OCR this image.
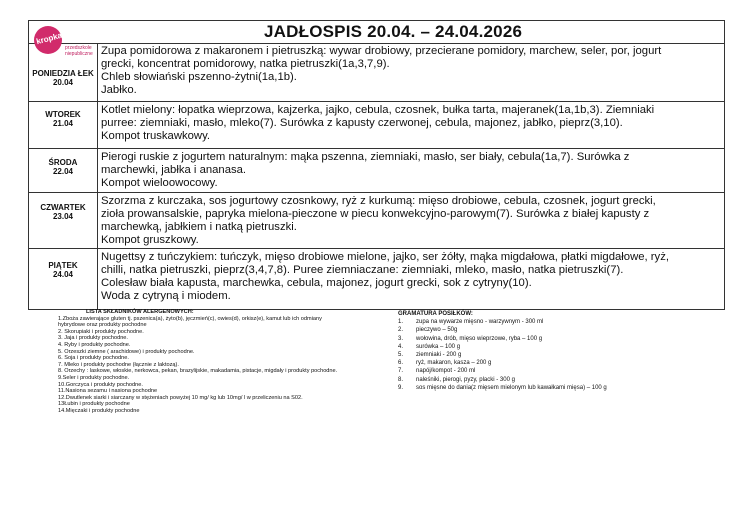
JADŁOSPIS 20.04. – 24.04.2026
kropka
przedszkole niepubliczne
PONIEDZIA ŁEK
20.04
Zupa pomidorowa z makaronem i pietruszką: wywar drobiowy, przecierane pomidory, marchew, seler, por, jogurt
grecki, koncentrat pomidorowy, natka pietruszki(1a,3,7,9).
Chleb słowiański pszenno-żytni(1a,1b).
Jabłko.
WTOREK
21.04
Kotlet mielony: łopatka wieprzowa, kajzerka, jajko, cebula, czosnek, bułka tarta, majeranek(1a,1b,3). Ziemniaki
purree: ziemniaki, masło, mleko(7). Surówka z kapusty czerwonej, cebula, majonez, jabłko, pieprz(3,10).
Kompot truskawkowy.
ŚRODA
22.04
Pierogi ruskie z jogurtem naturalnym: mąka pszenna, ziemniaki, masło, ser biały, cebula(1a,7). Surówka z
marchewki, jabłka i ananasa.
Kompot wieloowocowy.
CZWARTEK
23.04
Szorzma z kurczaka, sos jogurtowy czosnkowy, ryż z kurkumą: mięso drobiowe, cebula, czosnek, jogurt grecki,
zioła prowansalskie, papryka mielona-pieczone w piecu konwekcyjno-parowym(7). Surówka z białej kapusty z
marchewką, jabłkiem i natką pietruszki.
Kompot gruszkowy.
PIĄTEK
24.04
Nugettsy z tuńczykiem: tuńczyk, mięso drobiowe mielone, jajko, ser żółty, mąka migdałowa, płatki migdałowe, ryż,
chilli, natka pietruszki, pieprz(3,4,7,8). Puree ziemniaczane: ziemniaki, mleko, masło, natka pietruszki(7).
Colesław biała kapusta, marchewka, cebula, majonez, jogurt grecki, sok z cytryny(10).
Woda z cytryną i miodem.
LISTA SKŁADNIKÓW ALERGENOWYCH:
1.Zboża zawierające gluten tj. pszenica(a), żyto(b), jęczmień(c), owies(d), orkisz(e), kamut lub ich odmiany
hybrydowe oraz produkty pochodne
2. Skorupiaki i produkty pochodne.
3. Jaja i produkty pochodne.
4. Ryby i produkty pochodne.
5. Orzeszki ziemne ( arachidowe) i produkty pochodne.
6. Soja i produkty pochodne.
7. Mleko i produkty pochodne (łącznie z laktozą).
8. Orzechy : laskowe, włoskie, nerkowca, pekan, brazylijskie, makadamia, pistacje, migdały i produkty pochodne.
9.Seler i produkty pochodne.
10.Gorczyca i produkty pochodne.
11.Nasiona sezamu i nasiona pochodne
12.Dwutlenek siarki i siarczany w stężeniach powyżej 10 mg/ kg lub 10mg/ l w przeliczeniu na S02.
13Łubin i produkty pochodne
14.Mięczaki i produkty pochodne
GRAMATURA POSIŁKÓW:
1. zupa na wywarze mięsno - warzywnym - 300 ml
2. pieczywo – 50g
3. wołowina, drób, mięso wieprzowe, ryba – 100 g
4. surówka – 100 g
5. ziemniaki - 200 g
6. ryż, makaron, kasza – 200 g
7. napój/kompot - 200 ml
8. naleśniki, pierogi, pyzy, placki - 300 g
9. sos mięsne do dania(z mięsem mielonym lub kawałkami mięsa) – 100 g
